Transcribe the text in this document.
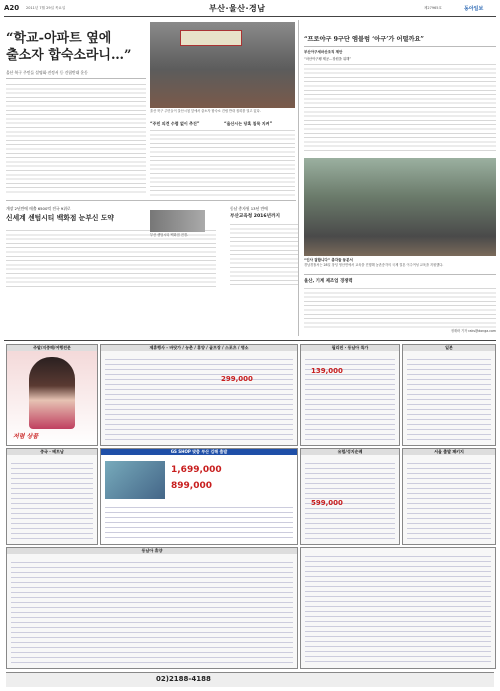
A20 2011년 7월 29일 목요일	부산·울산·경남	제27965호	동아일보
“학교-아파트 옆에
출소자 합숙소라니…”
울산 북구 주민들 설명회·진정서 등 건립반대 운동
울산 북구 주민들이 울산시청 앞에서 출소자 합숙소 건립 반대 집회를 열고 있다.
“주민 의견 수렴 없이 추진”	“울산시는 당혹 침묵 지켜”
“프로야구 9구단 엠블럼 ‘아구’가 어떨까요”
부산아구세마산조직 제안
“마산아구팽 제공…창원을 위해”
“인사 잘합니다” 총각들 동분서
경남경찰서는 28일 창녕 영산면에서 교육을 진행해 농촌총각의 국제 결혼 이주여성 교육을 지원했다.
개장 2년만에 매출 6500억 전국 9위로
신세계 센텀시티 백화점 눈부신 도약
부산 센텀시티 백화점 전경.
동남 총자원 13년 만에
부산교육청 2016년까지
울산, 기계 제조업 경쟁력
정재락 기자 raks@donga.com
주말/지중해/여행전문
저렴 상품
제휴행사 - 바닷가 / 농촌 / 휴양 / 골프장 / 스포츠 / 명소
299,000
필리핀 · 동남아 특가
139,000
일본
중국 · 베트남	GS SHOP 맞춤 부산 김해 출발
1,699,000
899,000
유럽/성지순례
599,000
서울 출발 패키지
동남아 휴양
02)2188-4188
